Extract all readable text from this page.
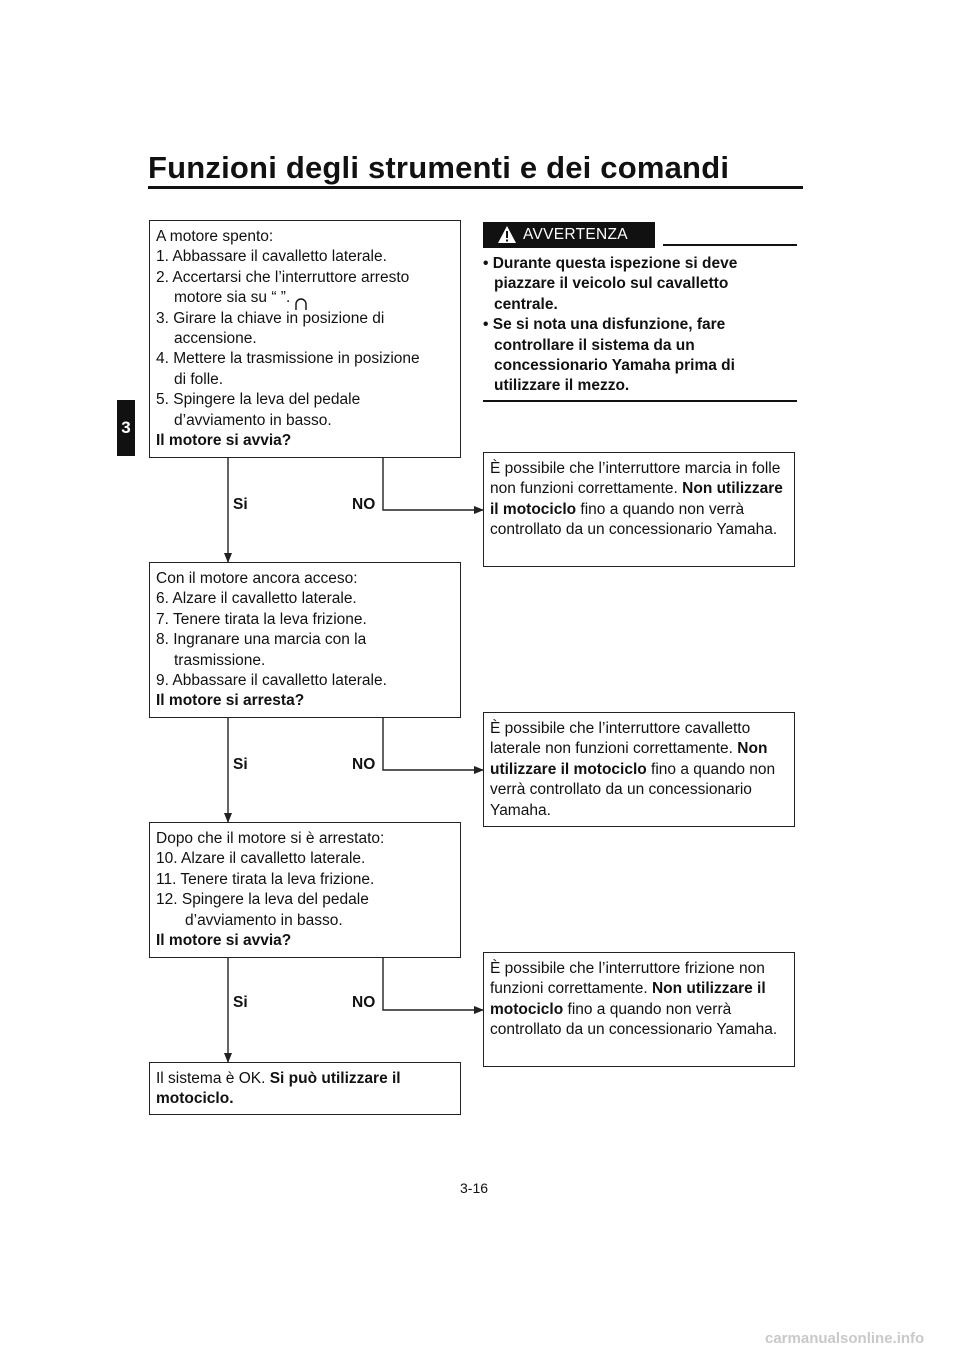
Funzioni degli strumenti e dei comandi
3

A motore spento:

1. Abbassare il cavalletto laterale.

2. Accertarsi che l’interruttore arresto

motore sia su “ ”.

3. Girare la chiave in posizione di

accensione.

4. Mettere la trasmissione in posizione

di folle.

5. Spingere la leva del pedale

d’avviamento in basso.

Il motore si avvia?

Con il motore ancora acceso:

6. Alzare il cavalletto laterale.

7. Tenere tirata la leva frizione.

8. Ingranare una marcia con la

trasmissione.

9. Abbassare il cavalletto laterale.

Il motore si arresta?

Dopo che il motore si è arrestato:

10. Alzare il cavalletto laterale.

11. Tenere tirata la leva frizione.

12. Spingere la leva del pedale

d’avviamento in basso.

Il motore si avvia?

Il sistema è OK. Si può utilizzare il motociclo.

È possibile che l’interruttore marcia in folle non funzioni correttamente. Non utilizzare il motociclo fino a quando non verrà controllato da un concessionario Yamaha.

È possibile che l’interruttore cavalletto laterale non funzioni correttamente. Non utilizzare il motociclo fino a quando non verrà controllato da un concessionario Yamaha.

È possibile che l’interruttore frizione non funzioni correttamente. Non utilizzare il motociclo fino a quando non verrà controllato da un concessionario Yamaha.

Si	NO
Si	NO
Si	NO
AVVERTENZA
• Durante questa ispezione si deve piazzare il veicolo sul cavalletto centrale.
• Se si nota una disfunzione, fare controllare il sistema da un concessionario Yamaha prima di utilizzare il mezzo.
3-16
carmanualsonline.info
